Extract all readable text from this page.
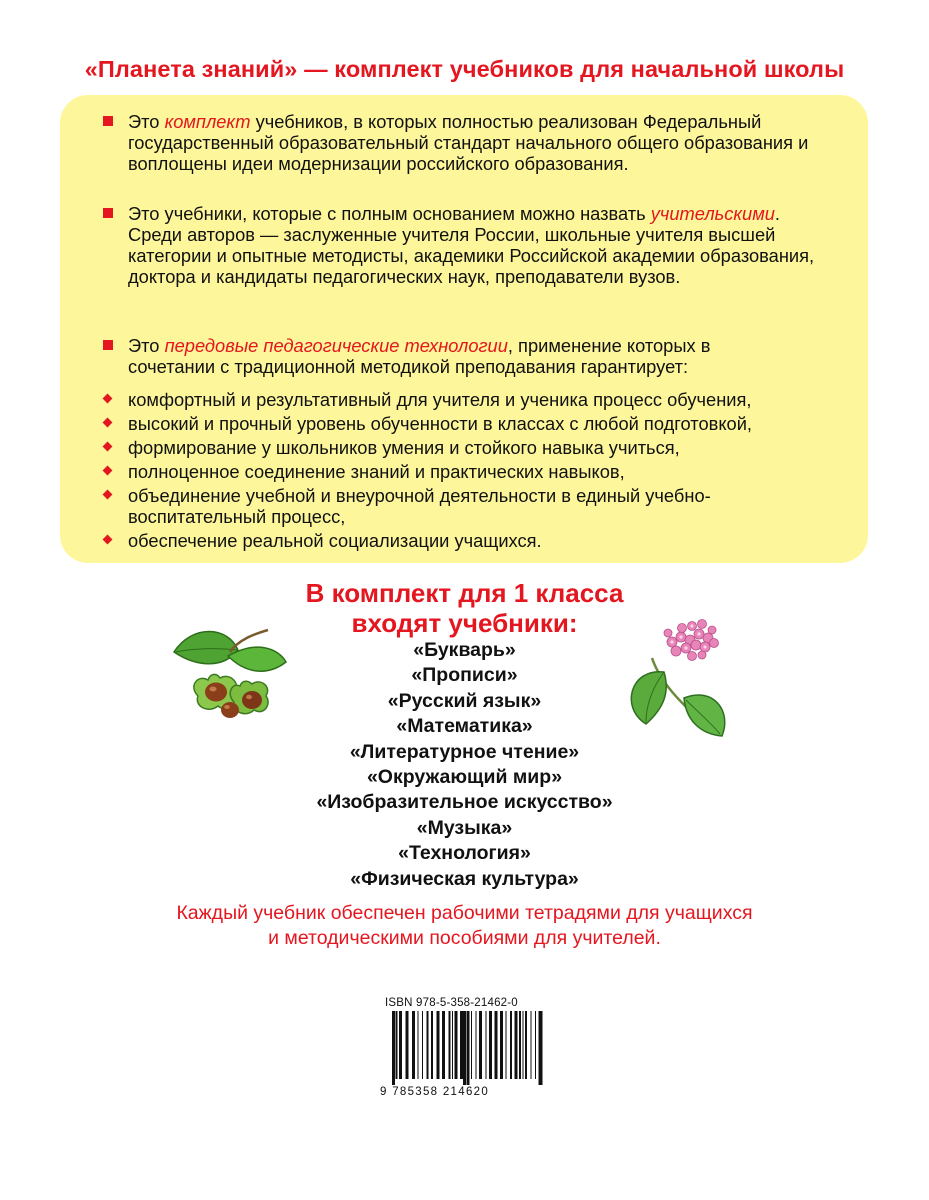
«Планета знаний» — комплект учебников для начальной школы

Это комплект учебников, в которых полностью реализован Федеральный государственный образовательный стандарт начального общего образования и воплощены идеи модернизации российского образования.

Это учебники, которые с полным основанием можно назвать учительскими. Среди авторов — заслуженные учителя России, школьные учителя высшей категории и опытные методисты, академики Российской академии образования, доктора и кандидаты педагогических наук, преподаватели вузов.

Это передовые педагогические технологии, применение которых в сочетании с традиционной методикой преподавания гарантирует:

комфортный и результативный для учителя и ученика процесс обучения,
высокий и прочный уровень обученности в классах с любой подготовкой,
формирование у школьников умения и стойкого навыка учиться,
полноценное соединение знаний и практических навыков,
объединение учебной и внеурочной деятельности в единый учебно-воспитательный процесс,
обеспечение реальной социализации учащихся.
В комплект для 1 класса
входят учебники:
«Букварь»
«Прописи»
«Русский язык»
«Математика»
«Литературное чтение»
«Окружающий мир»
«Изобразительное искусство»
«Музыка»
«Технология»
«Физическая культура»
Каждый учебник обеспечен рабочими тетрадями для учащихся
и методическими пособиями для учителей.
ISBN 978-5-358-21462-0
9 785358 214620
